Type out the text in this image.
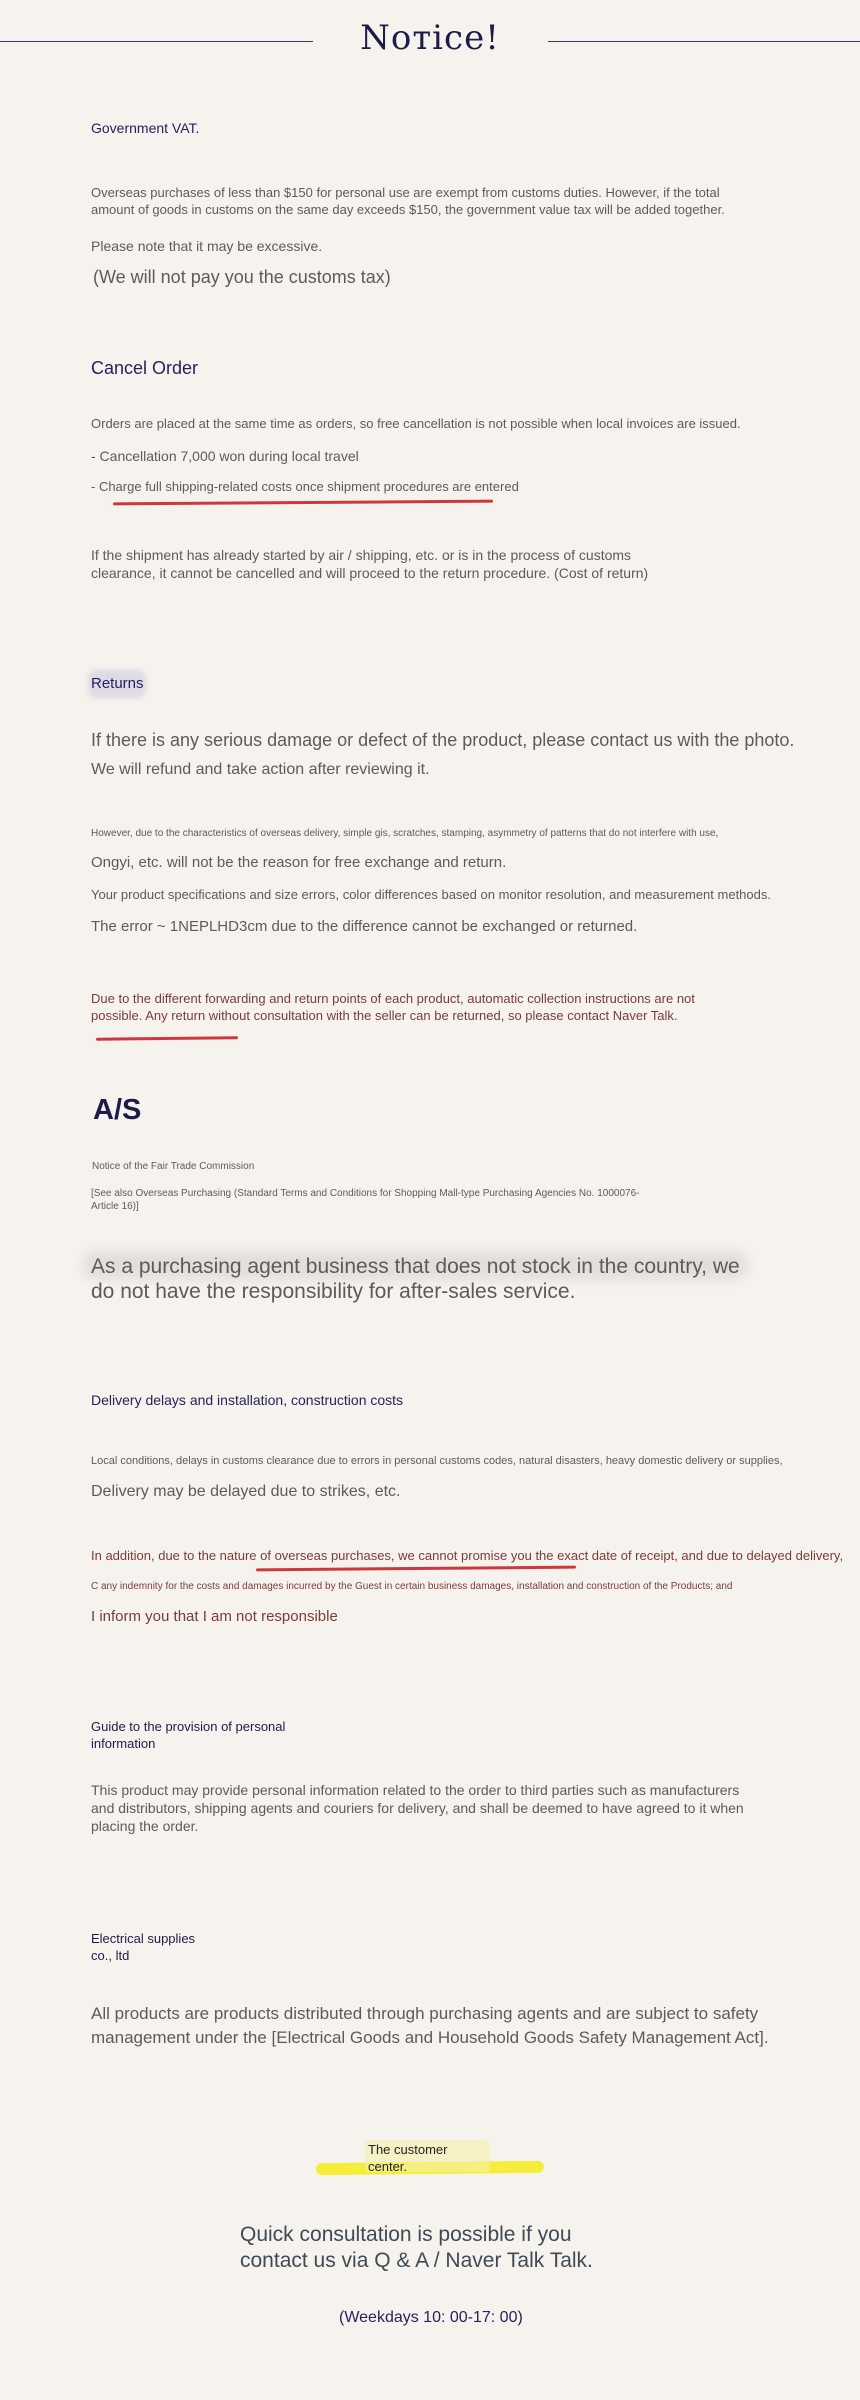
Nотice!
Government VAT.
Overseas purchases of less than $150 for personal use are exempt from customs duties. However, if the total amount of goods in customs on the same day exceeds $150, the government value tax will be added together.
Please note that it may be excessive.
(We will not pay you the customs tax)
Cancel Order
Orders are placed at the same time as orders, so free cancellation is not possible when local invoices are issued.
- Cancellation 7,000 won during local travel
- Charge full shipping-related costs once shipment procedures are entered
If the shipment has already started by air / shipping, etc. or is in the process of customs clearance, it cannot be cancelled and will proceed to the return procedure. (Cost of return)
Returns
If there is any serious damage or defect of the product, please contact us with the photo.
We will refund and take action after reviewing it.
However, due to the characteristics of overseas delivery, simple gis, scratches, stamping, asymmetry of patterns that do not interfere with use,
Ongyi, etc. will not be the reason for free exchange and return.
Your product specifications and size errors, color differences based on monitor resolution, and measurement methods.
The error ~ 1NEPLHD3cm due to the difference cannot be exchanged or returned.
Due to the different forwarding and return points of each product, automatic collection instructions are not possible. Any return without consultation with the seller can be returned, so please contact Naver Talk.
A/S
Notice of the Fair Trade Commission
[See also Overseas Purchasing (Standard Terms and Conditions for Shopping Mall-type Purchasing Agencies No. 1000076-Article 16)]
As a purchasing agent business that does not stock in the country, we do not have the responsibility for after-sales service.
Delivery delays and installation, construction costs
Local conditions, delays in customs clearance due to errors in personal customs codes, natural disasters, heavy domestic delivery or supplies,
Delivery may be delayed due to strikes, etc.
In addition, due to the nature of overseas purchases, we cannot promise you the exact date of receipt, and due to delayed delivery,
C any indemnity for the costs and damages incurred by the Guest in certain business damages, installation and construction of the Products; and
I inform you that I am not responsible
Guide to the provision of personal information
This product may provide personal information related to the order to third parties such as manufacturers and distributors, shipping agents and couriers for delivery, and shall be deemed to have agreed to it when placing the order.
Electrical supplies co., ltd
All products are products distributed through purchasing agents and are subject to safety management under the [Electrical Goods and Household Goods Safety Management Act].
The customer center.
Quick consultation is possible if you contact us via Q & A / Naver Talk Talk.
(Weekdays 10: 00-17: 00)
